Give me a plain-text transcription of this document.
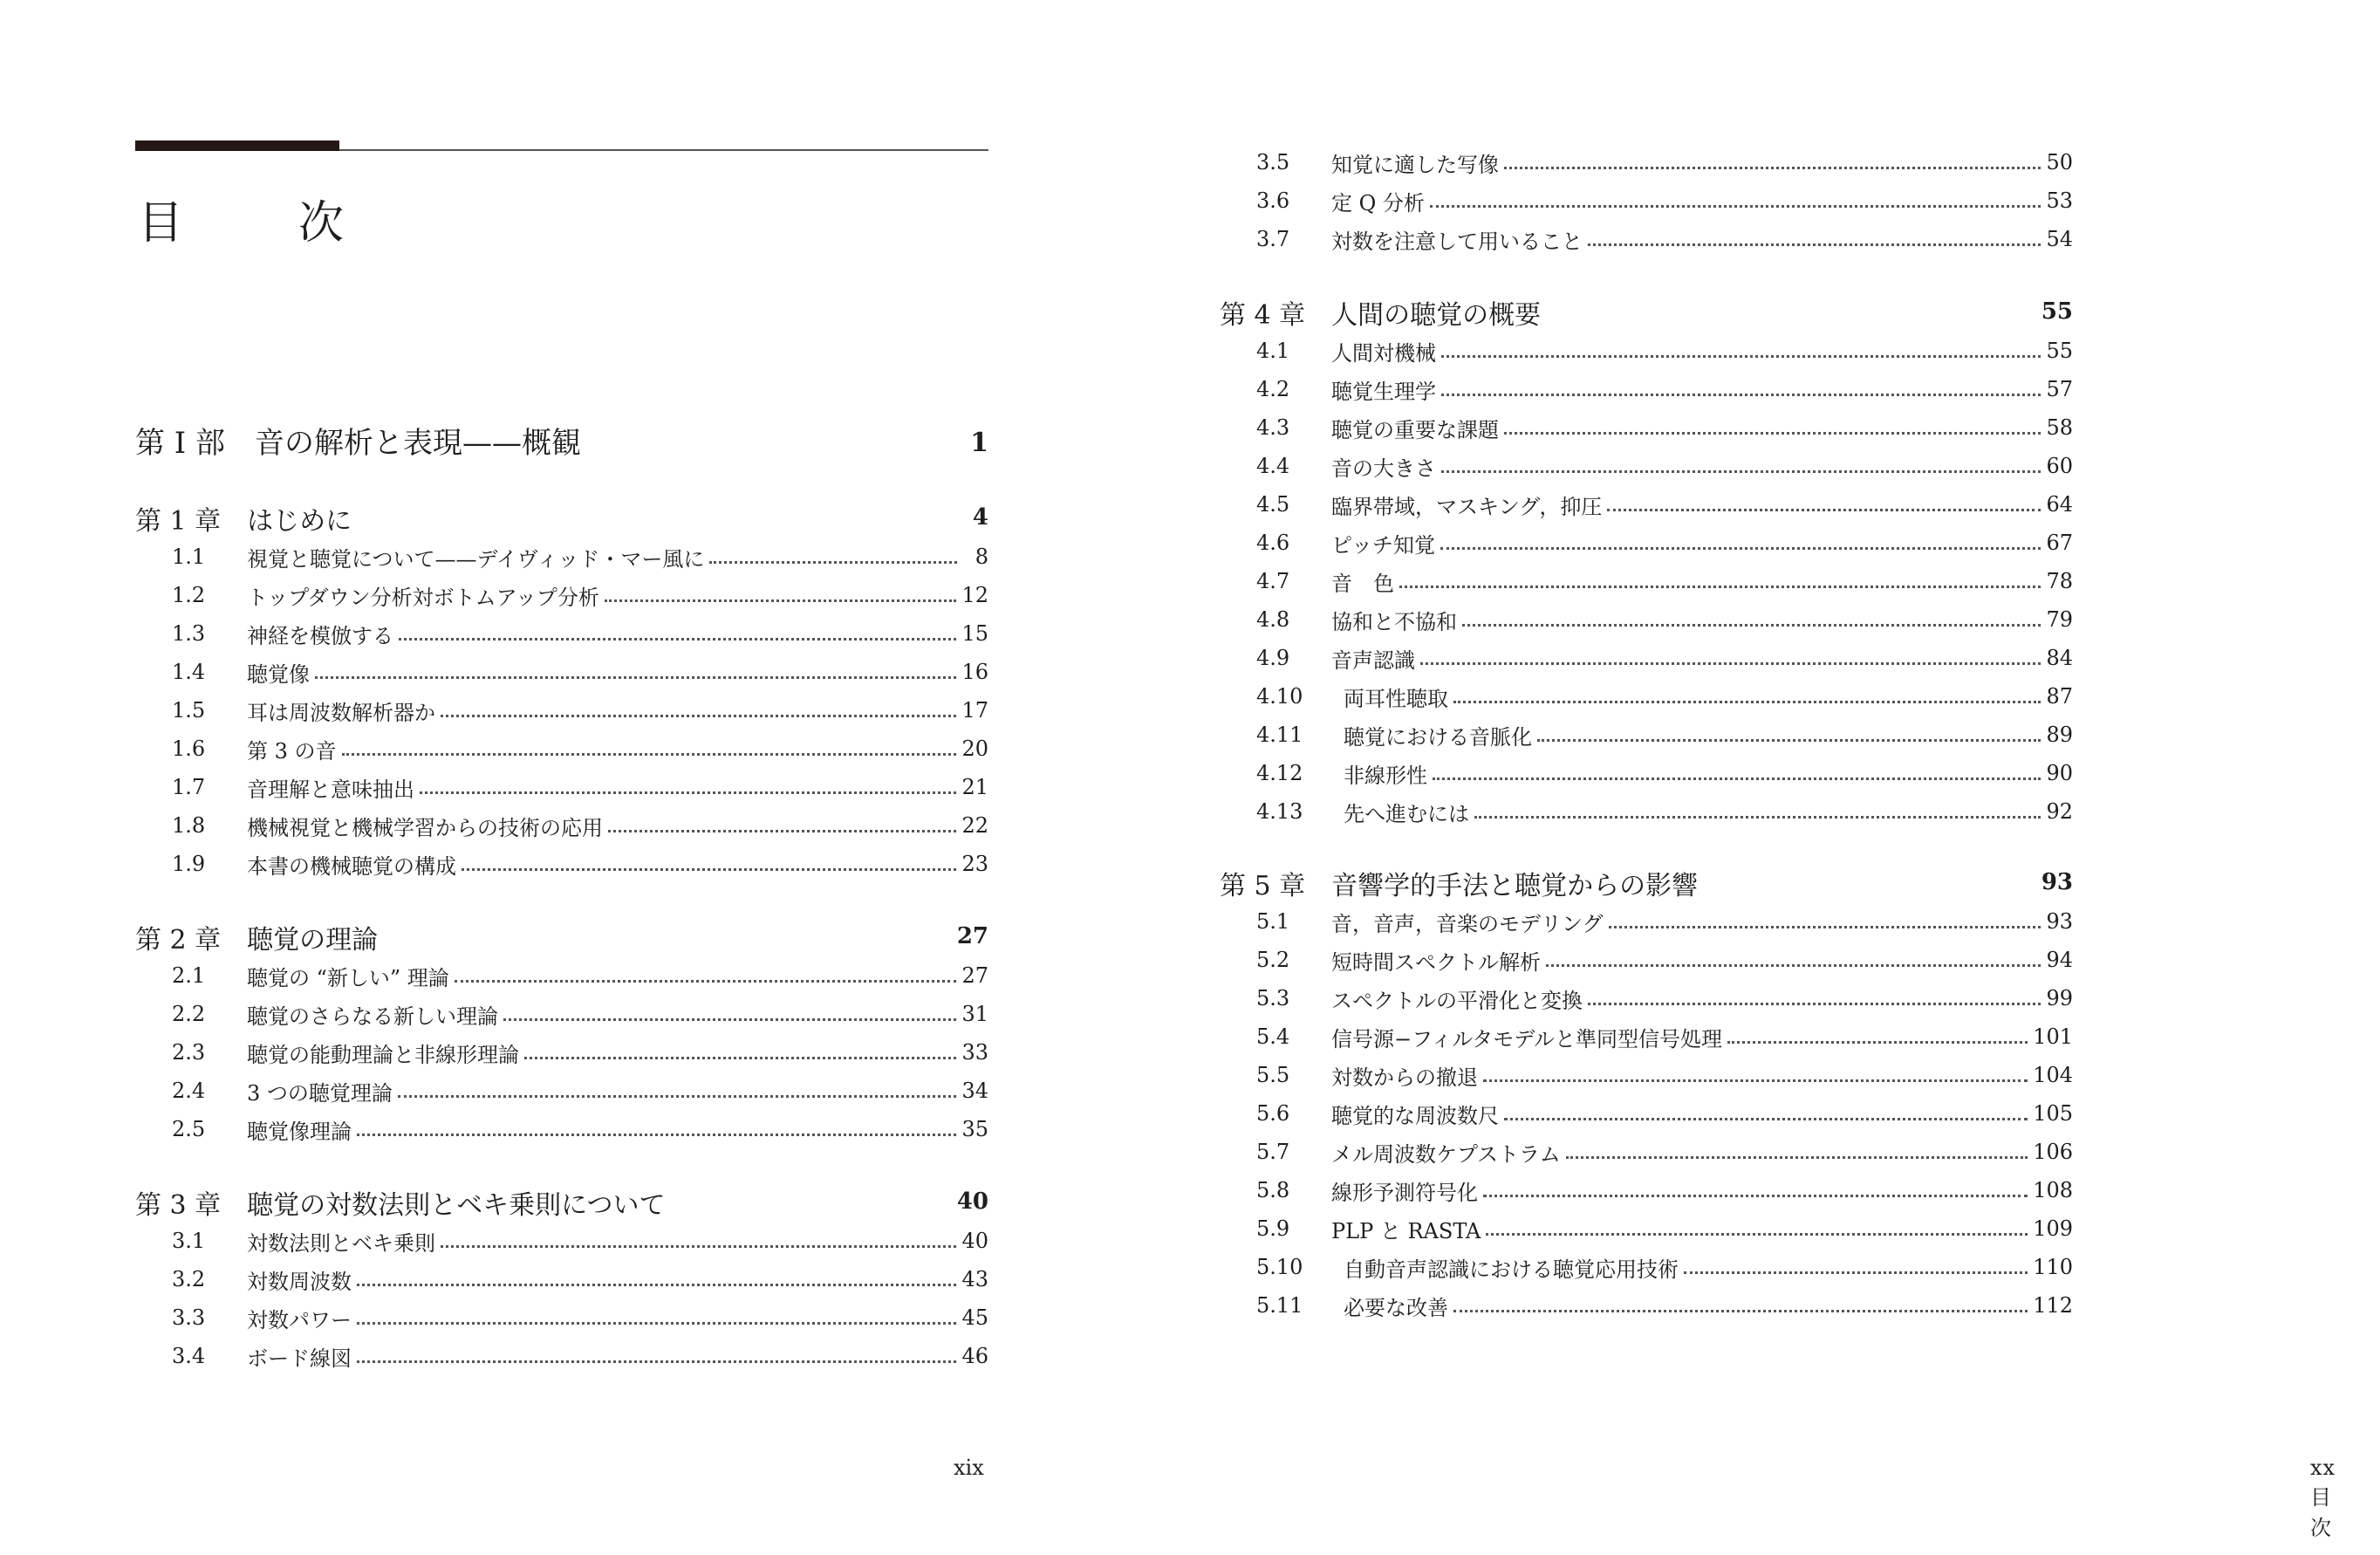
目　次
第 I 部　音の解析と表現——概観	1
第 1 章　はじめに	4
1.1	視覚と聴覚について——デイヴィッド・マー風に	8
1.2	トップダウン分析対ボトムアップ分析	12
1.3	神経を模倣する	15
1.4	聴覚像	16
1.5	耳は周波数解析器か	17
1.6	第 3 の音	20
1.7	音理解と意味抽出	21
1.8	機械視覚と機械学習からの技術の応用	22
1.9	本書の機械聴覚の構成	23
第 2 章　聴覚の理論	27
2.1	聴覚の “新しい” 理論	27
2.2	聴覚のさらなる新しい理論	31
2.3	聴覚の能動理論と非線形理論	33
2.4	3 つの聴覚理論	34
2.5	聴覚像理論	35
第 3 章　聴覚の対数法則とベキ乗則について	40
3.1	対数法則とベキ乗則	40
3.2	対数周波数	43
3.3	対数パワー	45
3.4	ボード線図	46
xix
3.5	知覚に適した写像	50
3.6	定 Q 分析	53
3.7	対数を注意して用いること	54
第 4 章　人間の聴覚の概要	55
4.1	人間対機械	55
4.2	聴覚生理学	57
4.3	聴覚の重要な課題	58
4.4	音の大きさ	60
4.5	臨界帯域，マスキング，抑圧	64
4.6	ピッチ知覚	67
4.7	音　色	78
4.8	協和と不協和	79
4.9	音声認識	84
4.10	両耳性聴取	87
4.11	聴覚における音脈化	89
4.12	非線形性	90
4.13	先へ進むには	92
第 5 章　音響学的手法と聴覚からの影響	93
5.1	音，音声，音楽のモデリング	93
5.2	短時間スペクトル解析	94
5.3	スペクトルの平滑化と変換	99
5.4	信号源−フィルタモデルと準同型信号処理	101
5.5	対数からの撤退	104
5.6	聴覚的な周波数尺	105
5.7	メル周波数ケプストラム	106
5.8	線形予測符号化	108
5.9	PLP と RASTA	109
5.10	自動音声認識における聴覚応用技術	110
5.11	必要な改善	112
xx目次
